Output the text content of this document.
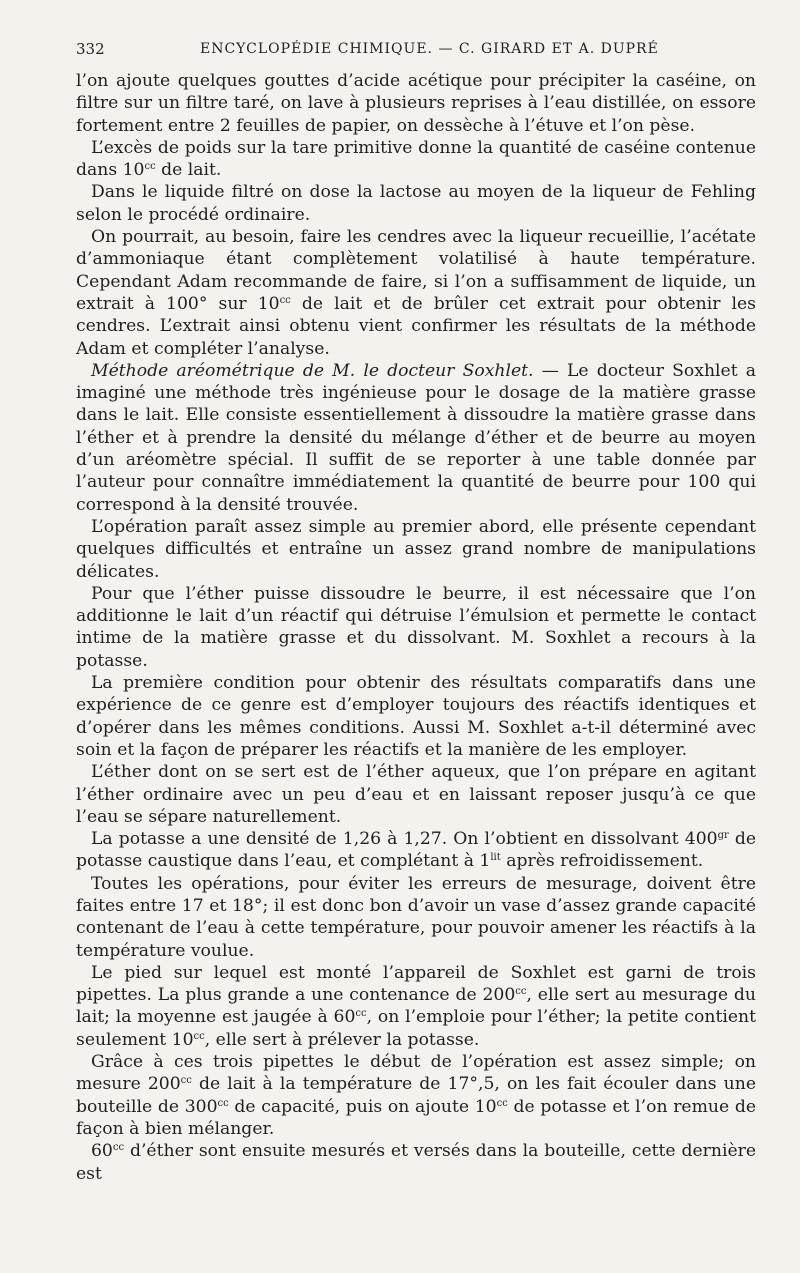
332	ENCYCLOPÉDIE CHIMIQUE. — C. GIRARD ET A. DUPRÉ

l’on ajoute quelques gouttes d’acide acétique pour précipiter la caséine, on filtre sur un filtre taré, on lave à plusieurs reprises à l’eau distillée, on essore fortement entre 2 feuilles de papier, on dessèche à l’étuve et l’on pèse.

L’excès de poids sur la tare primitive donne la quantité de caséine contenue dans $10^{cc}$ de lait.

Dans le liquide filtré on dose la lactose au moyen de la liqueur de Fehling selon le procédé ordinaire.

On pourrait, au besoin, faire les cendres avec la liqueur recueillie, l’acétate d’ammoniaque étant complètement volatilisé à haute température. Cependant Adam recommande de faire, si l’on a suffisamment de liquide, un extrait à 100° sur $10^{cc}$ de lait et de brûler cet extrait pour obtenir les cendres. L’extrait ainsi obtenu vient confirmer les résultats de la méthode Adam et compléter l’analyse.

Méthode aréométrique de M. le docteur Soxhlet. — Le docteur Soxhlet a imaginé une méthode très ingénieuse pour le dosage de la matière grasse dans le lait. Elle consiste essentiellement à dissoudre la matière grasse dans l’éther et à prendre la densité du mélange d’éther et de beurre au moyen d’un aréomètre spécial. Il suffit de se reporter à une table donnée par l’auteur pour connaître immédiatement la quantité de beurre pour 100 qui correspond à la densité trouvée.

L’opération paraît assez simple au premier abord, elle présente cependant quelques difficultés et entraîne un assez grand nombre de manipulations délicates.

Pour que l’éther puisse dissoudre le beurre, il est nécessaire que l’on additionne le lait d’un réactif qui détruise l’émulsion et permette le contact intime de la matière grasse et du dissolvant. M. Soxhlet a recours à la potasse.

La première condition pour obtenir des résultats comparatifs dans une expérience de ce genre est d’employer toujours des réactifs identiques et d’opérer dans les mêmes conditions. Aussi M. Soxhlet a-t-il déterminé avec soin et la façon de préparer les réactifs et la manière de les employer.

L’éther dont on se sert est de l’éther aqueux, que l’on prépare en agitant l’éther ordinaire avec un peu d’eau et en laissant reposer jusqu’à ce que l’eau se sépare naturellement.

La potasse a une densité de 1,26 à 1,27. On l’obtient en dissolvant $400^{gr}$ de potasse caustique dans l’eau, et complétant à $1^{lit}$ après refroidissement.

Toutes les opérations, pour éviter les erreurs de mesurage, doivent être faites entre 17 et 18°; il est donc bon d’avoir un vase d’assez grande capacité contenant de l’eau à cette température, pour pouvoir amener les réactifs à la température voulue.

Le pied sur lequel est monté l’appareil de Soxhlet est garni de trois pipettes. La plus grande a une contenance de $200^{cc}$, elle sert au mesurage du lait; la moyenne est jaugée à $60^{cc}$, on l’emploie pour l’éther; la petite contient seulement $10^{cc}$, elle sert à prélever la potasse.

Grâce à ces trois pipettes le début de l’opération est assez simple; on mesure $200^{cc}$ de lait à la température de 17°,5, on les fait écouler dans une bouteille de $300^{cc}$ de capacité, puis on ajoute $10^{cc}$ de potasse et l’on remue de façon à bien mélanger.

$60^{cc}$ d’éther sont ensuite mesurés et versés dans la bouteille, cette dernière est
